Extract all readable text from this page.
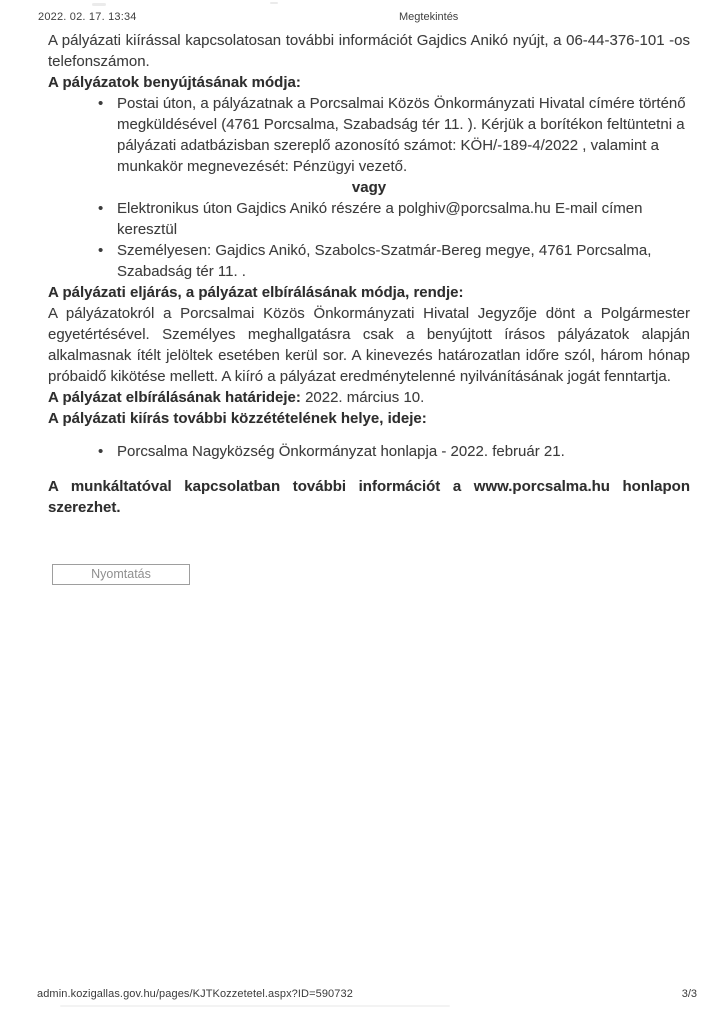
2022. 02. 17. 13:34	Megtekintés

A pályázati kiírással kapcsolatosan további információt Gajdics Anikó nyújt, a 06-44-376-101 -os telefonszámon.

A pályázatok benyújtásának módja:

• Postai úton, a pályázatnak a Porcsalmai Közös Önkormányzati Hivatal címére történő megküldésével (4761 Porcsalma, Szabadság tér 11. ). Kérjük a borítékon feltüntetni a pályázati adatbázisban szereplő azonosító számot: KÖH/-189-4/2022 , valamint a munkakör megnevezését: Pénzügyi vezető.
vagy
• Elektronikus úton Gajdics Anikó részére a polghiv@porcsalma.hu E-mail címen keresztül
• Személyesen: Gajdics Anikó, Szabolcs-Szatmár-Bereg megye, 4761 Porcsalma, Szabadság tér 11. .

A pályázati eljárás, a pályázat elbírálásának módja, rendje:

A pályázatokról a Porcsalmai Közös Önkormányzati Hivatal Jegyzője dönt a Polgármester egyetértésével. Személyes meghallgatásra csak a benyújtott írásos pályázatok alapján alkalmasnak ítélt jelöltek esetében kerül sor. A kinevezés határozatlan időre szól, három hónap próbaidő kikötése mellett. A kiíró a pályázat eredménytelenné nyilvánításának jogát fenntartja.

A pályázat elbírálásának határideje: 2022. március 10.

A pályázati kiírás további közzétételének helye, ideje:

• Porcsalma Nagyközség Önkormányzat honlapja - 2022. február 21.

A munkáltatóval kapcsolatban további információt a www.porcsalma.hu honlapon szerezhet.

Nyomtatás
admin.kozigallas.gov.hu/pages/KJTKozzetetel.aspx?ID=590732	3/3
